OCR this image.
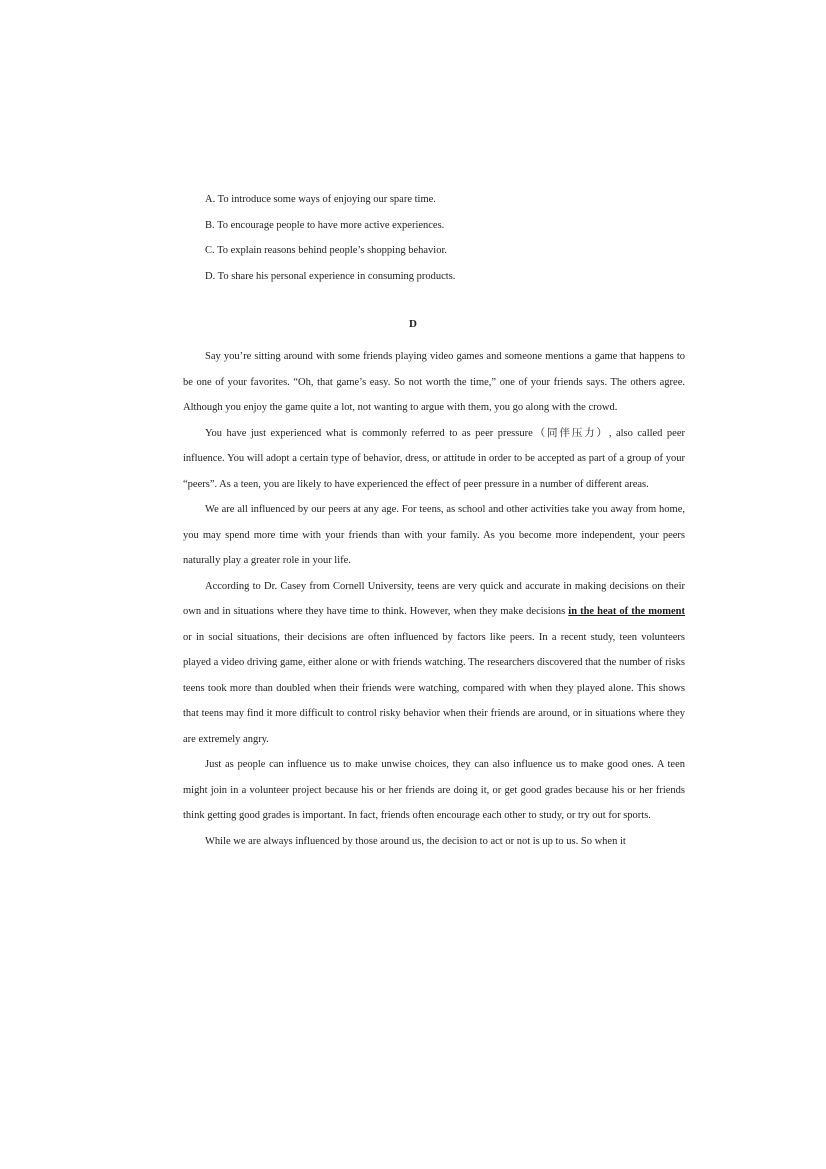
A. To introduce some ways of enjoying our spare time.
B. To encourage people to have more active experiences.
C. To explain reasons behind people’s shopping behavior.
D. To share his personal experience in consuming products.
D

Say you’re sitting around with some friends playing video games and someone mentions a game that happens to be one of your favorites. “Oh, that game’s easy. So not worth the time,” one of your friends says. The others agree. Although you enjoy the game quite a lot, not wanting to argue with them, you go along with the crowd.

You have just experienced what is commonly referred to as peer pressure（同伴压力）, also called peer influence. You will adopt a certain type of behavior, dress, or attitude in order to be accepted as part of a group of your “peers”. As a teen, you are likely to have experienced the effect of peer pressure in a number of different areas.

We are all influenced by our peers at any age. For teens, as school and other activities take you away from home, you may spend more time with your friends than with your family. As you become more independent, your peers naturally play a greater role in your life.

According to Dr. Casey from Cornell University, teens are very quick and accurate in making decisions on their own and in situations where they have time to think. However, when they make decisions in the heat of the moment or in social situations, their decisions are often influenced by factors like peers. In a recent study, teen volunteers played a video driving game, either alone or with friends watching. The researchers discovered that the number of risks teens took more than doubled when their friends were watching, compared with when they played alone. This shows that teens may find it more difficult to control risky behavior when their friends are around, or in situations where they are extremely angry.

Just as people can influence us to make unwise choices, they can also influence us to make good ones. A teen might join in a volunteer project because his or her friends are doing it, or get good grades because his or her friends think getting good grades is important. In fact, friends often encourage each other to study, or try out for sports.

While we are always influenced by those around us, the decision to act or not is up to us. So when it
